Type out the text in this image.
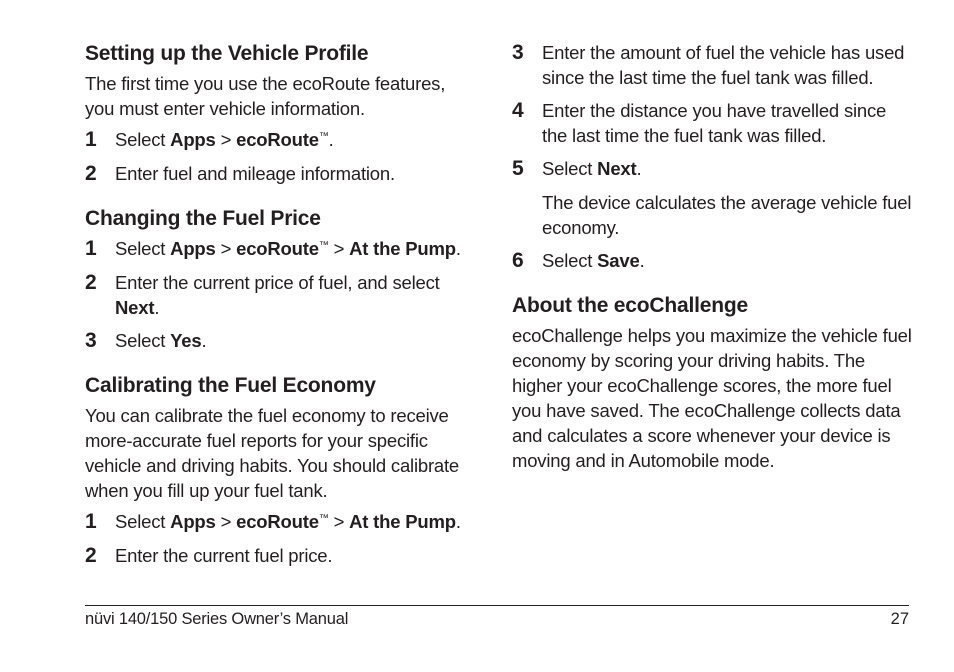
Setting up the Vehicle Profile

The first time you use the ecoRoute features, you must enter vehicle information.

1 Select Apps > ecoRoute™.
2 Enter fuel and mileage information.
Changing the Fuel Price
1 Select Apps > ecoRoute™ > At the Pump.
2 Enter the current price of fuel, and select Next.
3 Select Yes.
Calibrating the Fuel Economy

You can calibrate the fuel economy to receive more-accurate fuel reports for your specific vehicle and driving habits. You should calibrate when you fill up your fuel tank.

1 Select Apps > ecoRoute™ > At the Pump.
2 Enter the current fuel price.
3 Enter the amount of fuel the vehicle has used since the last time the fuel tank was filled.
4 Enter the distance you have travelled since the last time the fuel tank was filled.
5 Select Next.

The device calculates the average vehicle fuel economy.

6 Select Save.
About the ecoChallenge

ecoChallenge helps you maximize the vehicle fuel economy by scoring your driving habits. The higher your ecoChallenge scores, the more fuel you have saved. The ecoChallenge collects data and calculates a score whenever your device is moving and in Automobile mode.

nüvi 140/150 Series Owner’s Manual	27
